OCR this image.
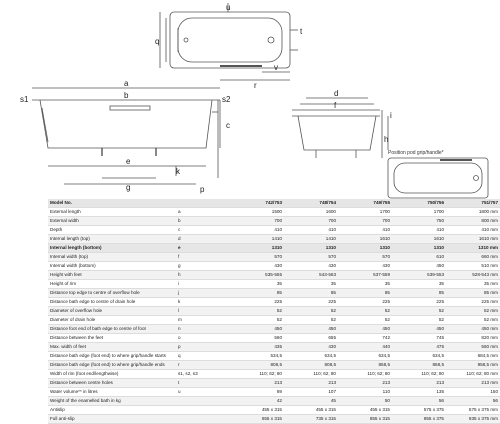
u
t
q
v
r
a
b
s1	s2
c
e
k
g	p
d
f
h
i
Position pod grip/handle*
Model No.		742/753	748/754	749/755	750/756	751/757
External length	a	1500	1600	1700	1700	1800 mm
External width	b	700	700	700	750	800 mm
Depth	c	410	410	410	410	410 mm
Internal length (top)	d	1410	1410	1610	1610	1610 mm
Internal length (bottom)	e	1310	1310	1310	1310	1310 mm
Internal width (top)	f	570	570	570	610	660 mm
Internal width (bottom)	g	430	430	430	450	510 mm
Height with feet	h	535-555	543-563	537-559	539-553	528-543 mm
Height of rim	i	35	35	35	35	35 mm
Distance top edge to centre of overflow hole	j	85	85	85	85	85 mm
Distance bath edge to centre of drain hole	k	225	225	225	225	225 mm
Diameter of overflow hole	l	52	52	52	52	52 mm
Diameter of drain hole	m	52	52	52	52	52 mm
Distance foot end of bath edge to centre of foot	n	450	450	450	450	450 mm
Distance between the feet	o	560	655	742	745	820 mm
Max. width of feet	p	435	430	440	475	560 mm
Distance bath edge (foot end) to where grip/handle starts	q	534,5	534,5	634,5	634,5	684,5 mm
Distance bath edge (foot end) to where grip/handle ends	r	808,5	808,5	858,5	858,5	958,5 mm
Width of rim (foot end/lengthwise)	s1, s2, s3	110; 62; 80	110; 62; 80	110; 62; 80	110; 62; 80	110; 62; 80 mm
Distance between centre holes	t	213	213	213	213	213 mm
Water volume** in litres	u	89	107	110	135	150
Weight of the enamelled bath in kg		42	45	50	56	56
Antislip		455 x 315	455 x 315	455 x 315	575 x 375	575 x 375 mm
Full anti-slip		655 x 315	735 x 315	855 x 315	855 x 375	935 x 375 mm
